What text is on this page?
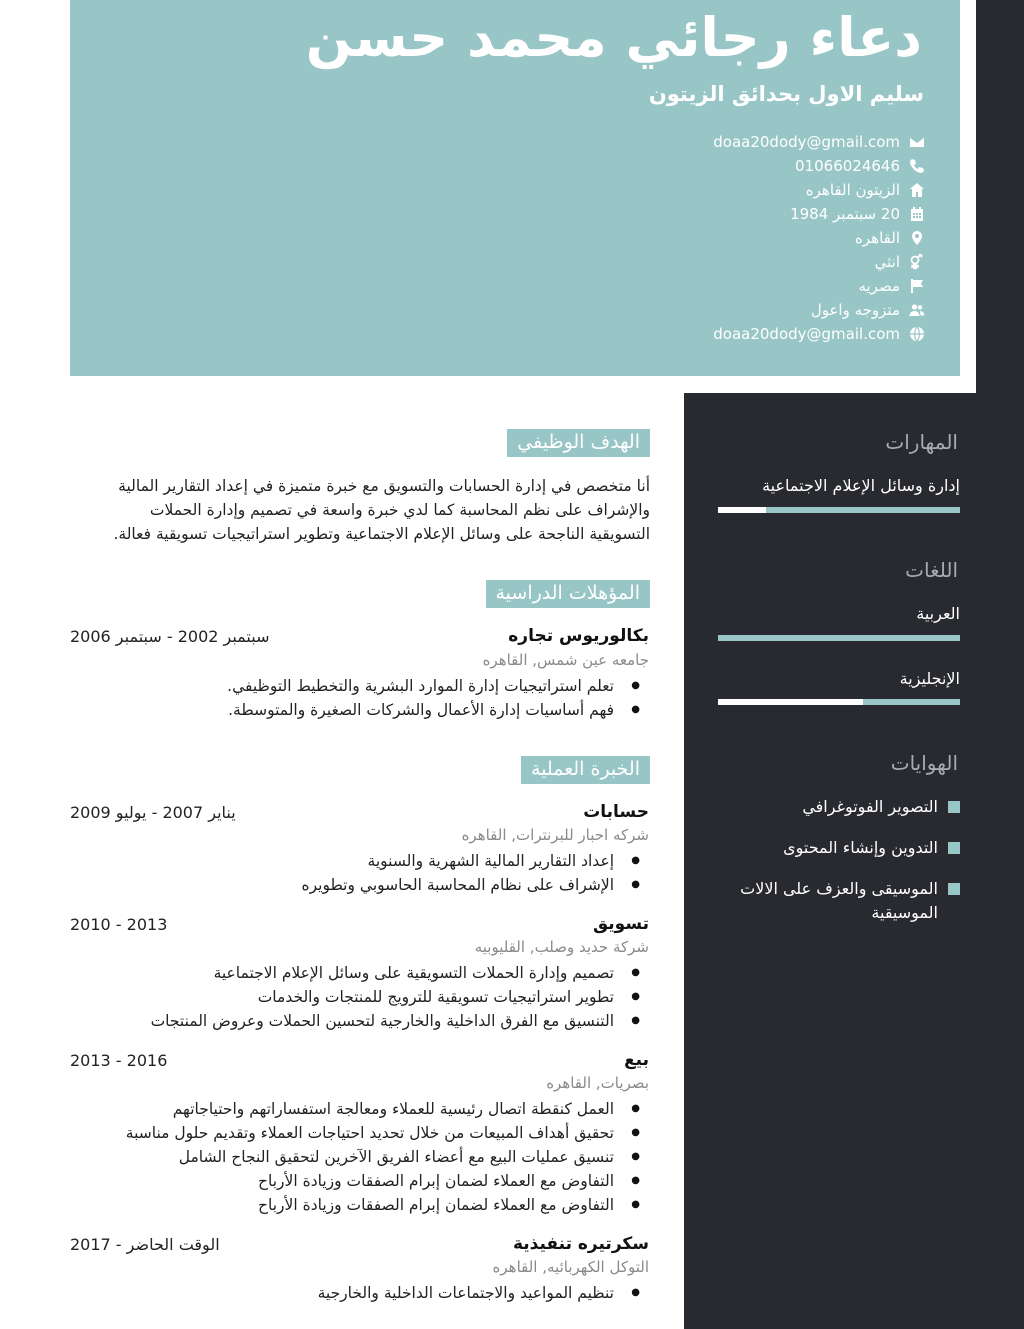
دعاء رجائي محمد حسن
سليم الاول بحدائق الزيتون
doaa20dody@gmail.com
01066024646
الزيتون القاهره
20 سبتمبر 1984
القاهره
انثي
مصريه
متزوجه واعول
doaa20dody@gmail.com
الهدف الوظيفي
أنا متخصص في إدارة الحسابات والتسويق مع خبرة متميزة في إعداد التقارير المالية
والإشراف على نظم المحاسبة كما لدي خبرة واسعة في تصميم وإدارة الحملات
التسويقية الناجحة على وسائل الإعلام الاجتماعية وتطوير استراتيجيات تسويقية فعالة.
المؤهلات الدراسية
بكالوريوس تجاره
سبتمبر 2002 - سبتمبر 2006
جامعه عين شمس, القاهره
● تعلم استراتيجيات إدارة الموارد البشرية والتخطيط التوظيفي.
● فهم أساسيات إدارة الأعمال والشركات الصغيرة والمتوسطة.
الخبرة العملية
حسابات
يناير 2007 - يوليو 2009
شركه احبار للبرنترات, القاهره
● إعداد التقارير المالية الشهرية والسنوية
● الإشراف على نظام المحاسبة الحاسوبي وتطويره
تسويق
2010 - 2013
شركة حديد وصلب, القليوبيه
● تصميم وإدارة الحملات التسويقية على وسائل الإعلام الاجتماعية
● تطوير استراتيجيات تسويقية للترويج للمنتجات والخدمات
● التنسيق مع الفرق الداخلية والخارجية لتحسين الحملات وعروض المنتجات
بيع
2013 - 2016
بصريات, القاهره
● العمل كنقطة اتصال رئيسية للعملاء ومعالجة استفساراتهم واحتياجاتهم
● تحقيق أهداف المبيعات من خلال تحديد احتياجات العملاء وتقديم حلول مناسبة
● تنسيق عمليات البيع مع أعضاء الفريق الآخرين لتحقيق النجاح الشامل
● التفاوض مع العملاء لضمان إبرام الصفقات وزيادة الأرباح
● التفاوض مع العملاء لضمان إبرام الصفقات وزيادة الأرباح
سكرتيره تنفيذية
2017 - الوقت الحاضر
التوكل الكهربائيه, القاهره
● تنظيم المواعيد والاجتماعات الداخلية والخارجية
المهارات
إدارة وسائل الإعلام الاجتماعية
اللغات
العربية
الإنجليزية
الهوايات
التصوير الفوتوغرافي
التدوين وإنشاء المحتوى
الموسيقى والعزف على الالات الموسيقية
